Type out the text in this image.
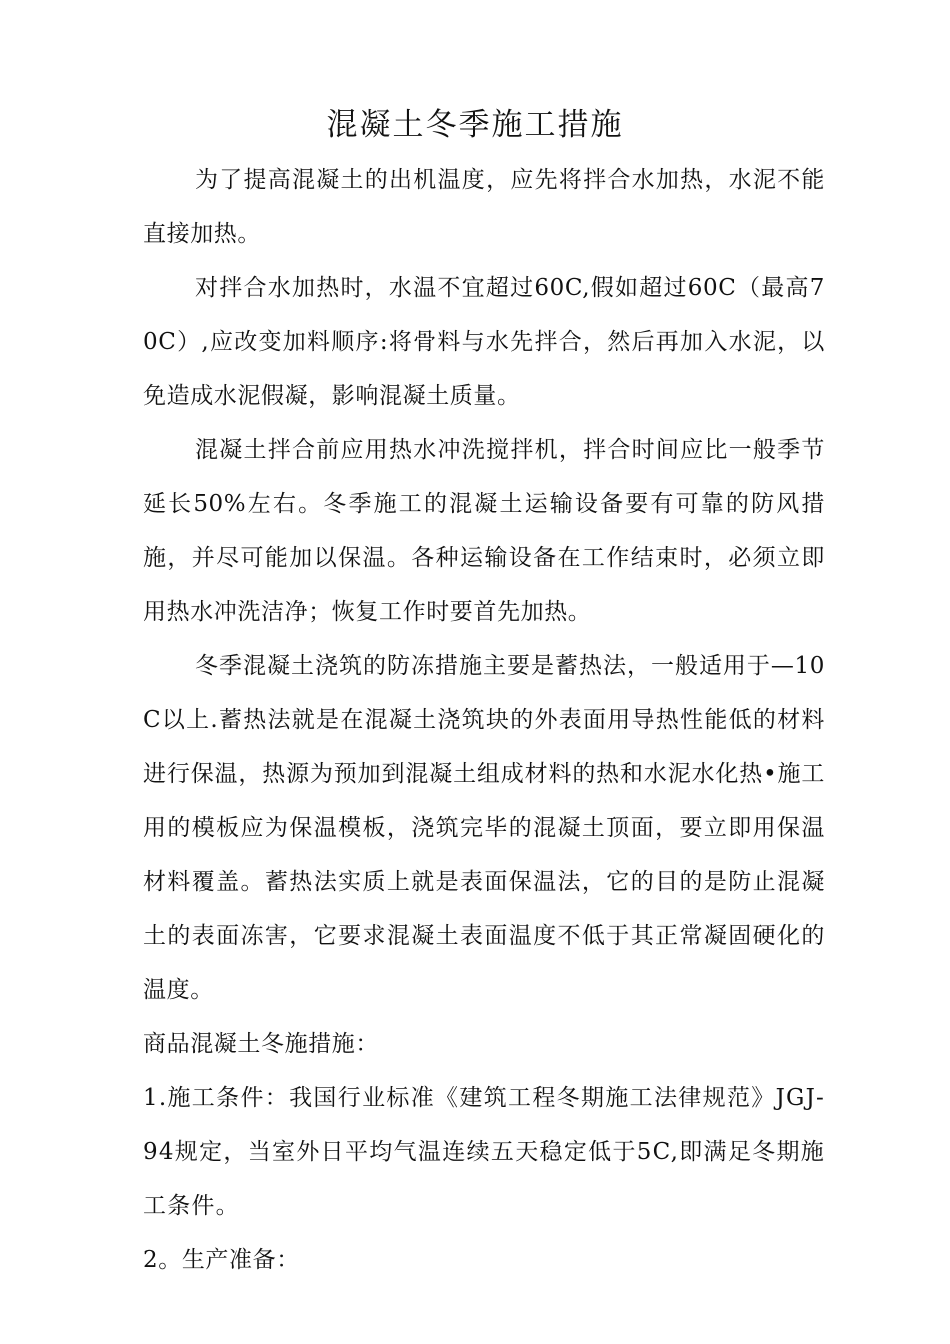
混凝土冬季施工措施

为了提高混凝土的出机温度，应先将拌合水加热，水泥不能直接加热。

对拌合水加热时，水温不宜超过60C,假如超过60C（最高70C）,应改变加料顺序:将骨料与水先拌合，然后再加入水泥，以免造成水泥假凝，影响混凝土质量。

混凝土拌合前应用热水冲洗搅拌机，拌合时间应比一般季节延长50%左右。冬季施工的混凝土运输设备要有可靠的防风措施，并尽可能加以保温。各种运输设备在工作结束时，必须立即用热水冲洗洁净；恢复工作时要首先加热。

冬季混凝土浇筑的防冻措施主要是蓄热法，一般适用于—10C以上.蓄热法就是在混凝土浇筑块的外表面用导热性能低的材料进行保温，热源为预加到混凝土组成材料的热和水泥水化热•施工用的模板应为保温模板，浇筑完毕的混凝土顶面，要立即用保温材料覆盖。蓄热法实质上就是表面保温法，它的目的是防止混凝土的表面冻害，它要求混凝土表面温度不低于其正常凝固硬化的温度。

商品混凝土冬施措施：

1.施工条件：我国行业标准《建筑工程冬期施工法律规范》JGJ-94规定，当室外日平均气温连续五天稳定低于5C,即满足冬期施工条件。

2。生产准备：
